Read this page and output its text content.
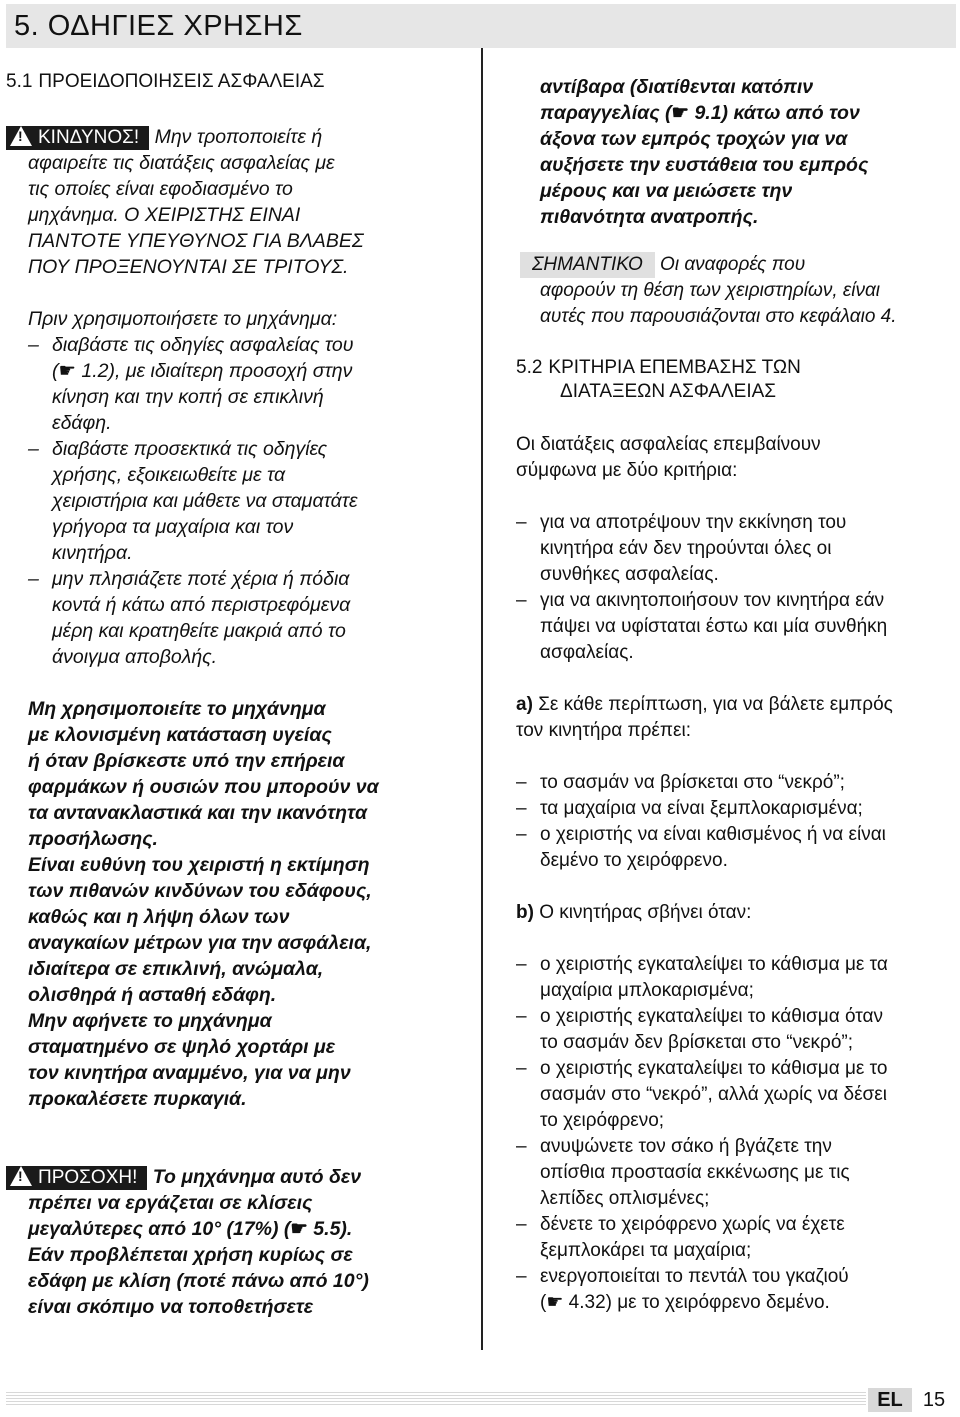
5. ΟΔΗΓΙΕΣ ΧΡΗΣΗΣ

5.1 ΠΡΟΕΙΔΟΠΟΙΗΣΕΙΣ ΑΣΦΑΛΕΙΑΣ

!ΚΙΝΔΥΝΟΣ! Μην τροποποιείτε ή
αφαιρείτε τις διατάξεις ασφαλείας με
τις οποίες είναι εφοδιασμένο το
μηχάνημα. Ο ΧΕΙΡΙΣΤΗΣ ΕΙΝΑΙ
ΠΑΝΤΟΤΕ ΥΠΕΥΘΥΝΟΣ ΓΙΑ ΒΛΑΒΕΣ
ΠΟΥ ΠΡΟΞΕΝΟΥΝΤΑΙ ΣΕ ΤΡΙΤΟΥΣ.
Πριν χρησιμοποιήσετε το μηχάνημα:
– διαβάστε τις οδηγίες ασφαλείας του
(☛ 1.2), με ιδιαίτερη προσοχή στην
κίνηση και την κοπή σε επικλινή
εδάφη.
– διαβάστε προσεκτικά τις οδηγίες
χρήσης, εξοικειωθείτε με τα
χειριστήρια και μάθετε να σταματάτε
γρήγορα τα μαχαίρια και τον
κινητήρα.
– μην πλησιάζετε ποτέ χέρια ή πόδια
κοντά ή κάτω από περιστρεφόμενα
μέρη και κρατηθείτε μακριά από το
άνοιγμα αποβολής.
Μη χρησιμοποιείτε το μηχάνημα
με κλονισμένη κατάσταση υγείας
ή όταν βρίσκεστε υπό την επήρεια
φαρμάκων ή ουσιών που μπορούν να
τα αντανακλαστικά και την ικανότητα
προσήλωσης.
Είναι ευθύνη του χειριστή η εκτίμηση
των πιθανών κινδύνων του εδάφους,
καθώς και η λήψη όλων των
αναγκαίων μέτρων για την ασφάλεια,
ιδιαίτερα σε επικλινή, ανώμαλα,
ολισθηρά ή ασταθή εδάφη.
Μην αφήνετε το μηχάνημα
σταματημένο σε ψηλό χορτάρι με
τον κινητήρα αναμμένο, για να μην
προκαλέσετε πυρκαγιά.
!ΠΡΟΣΟΧΗ! Το μηχάνημα αυτό δεν
πρέπει να εργάζεται σε κλίσεις
μεγαλύτερες από 10° (17%) (☛ 5.5).
Εάν προβλέπεται χρήση κυρίως σε
εδάφη με κλίση (ποτέ πάνω από 10°)
είναι σκόπιμο να τοποθετήσετε
αντίβαρα (διατίθενται κατόπιν
παραγγελίας (☛ 9.1) κάτω από τον
άξονα των εμπρός τροχών για να
αυξήσετε την ευστάθεια του εμπρός
μέρους και να μειώσετε την
πιθανότητα ανατροπής.
ΣΗΜΑΝΤΙΚΟ Οι αναφορές που
αφορούν τη θέση των χειριστηρίων, είναι
αυτές που παρουσιάζονται στο κεφάλαιο 4.
5.2 ΚΡΙΤΗΡΙΑ ΕΠΕΜΒΑΣΗΣ ΤΩΝ
ΔΙΑΤΑΞΕΩΝ ΑΣΦΑΛΕΙΑΣ
Οι διατάξεις ασφαλείας επεμβαίνουν
σύμφωνα με δύο κριτήρια:
– για να αποτρέψουν την εκκίνηση του
κινητήρα εάν δεν τηρούνται όλες οι
συνθήκες ασφαλείας.
– για να ακινητοποιήσουν τον κινητήρα εάν
πάψει να υφίσταται έστω και μία συνθήκη
ασφαλείας.
a) Σε κάθε περίπτωση, για να βάλετε εμπρός
τον κινητήρα πρέπει:
– το σασμάν να βρίσκεται στο “νεκρό”;
– τα μαχαίρια να είναι ξεμπλοκαρισμένα;
– ο χειριστής να είναι καθισμένος ή να είναι
δεμένο το χειρόφρενο.
b) Ο κινητήρας σβήνει όταν:
– ο χειριστής εγκαταλείψει το κάθισμα με τα
μαχαίρια μπλοκαρισμένα;
– ο χειριστής εγκαταλείψει το κάθισμα όταν
το σασμάν δεν βρίσκεται στο “νεκρό”;
– ο χειριστής εγκαταλείψει το κάθισμα με το
σασμάν στο “νεκρό”, αλλά χωρίς να δέσει
το χειρόφρενο;
– ανυψώνετε τον σάκο ή βγάζετε την
οπίσθια προστασία εκκένωσης με τις
λεπίδες οπλισμένες;
– δένετε το χειρόφρενο χωρίς να έχετε
ξεμπλοκάρει τα μαχαίρια;
– ενεργοποιείται το πεντάλ του γκαζιού
(☛ 4.32) με το χειρόφρενο δεμένο.
EL	15
